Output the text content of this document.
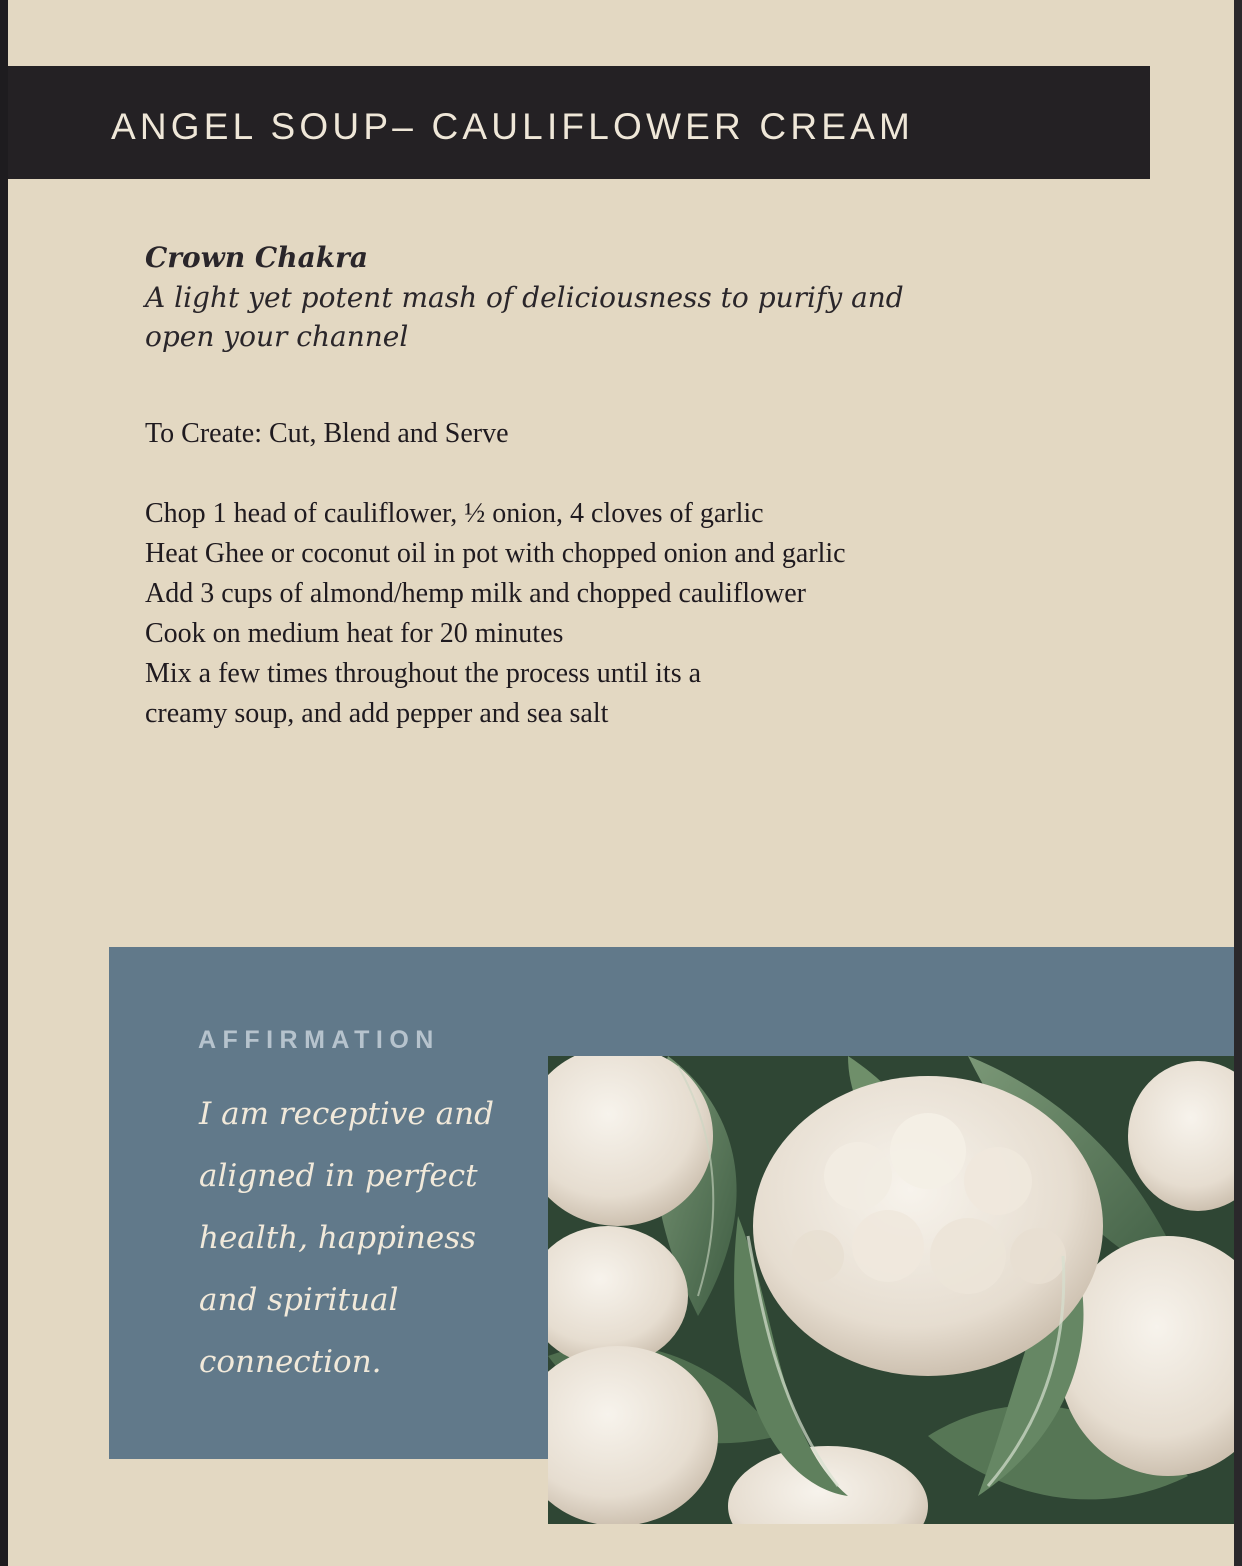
ANGEL SOUP– CAULIFLOWER CREAM

Crown Chakra

A light yet potent mash of deliciousness to purify and open your channel

To Create: Cut, Blend and Serve

Chop 1 head of cauliflower, ½ onion, 4 cloves of garlic
Heat Ghee or coconut oil in pot with chopped onion and garlic
Add 3 cups of almond/hemp milk and chopped cauliflower
Cook on medium heat for 20 minutes
Mix a few times throughout the process until its a
creamy soup, and add pepper and sea salt

AFFIRMATION

I am receptive and aligned in perfect health, happiness and spiritual connection.
